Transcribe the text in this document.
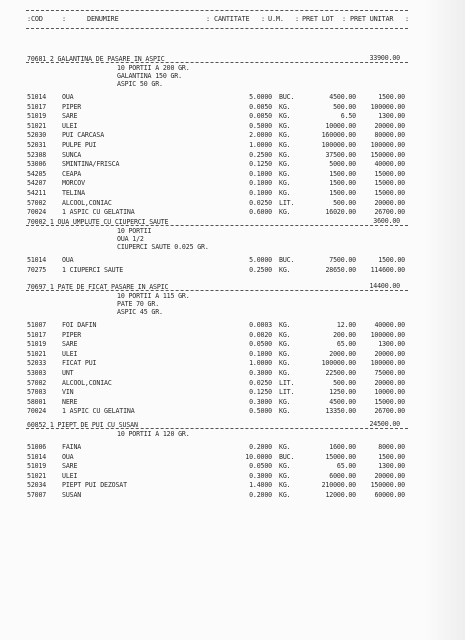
:COD	:	DENUMIRE	: CANTITATE : U.M. : PRET LOT : PRET UNITAR :
70681 2 GALANTINA DE PASARE IN ASPIC	33900.00
10 PORTII A 200 GR.
GALANTINA 150 GR.
ASPIC 50 GR.
51014 OUA	5.0000 BUC.	4500.00	1500.00
51017 PIPER	0.0050 KG.	500.00	100000.00
51019 SARE	0.0050 KG.	6.50	1300.00
51021 ULEI	0.5000 KG.	10000.00	20000.00
52030 PUI CARCASA	2.0000 KG.	160000.00	80000.00
52031 PULPE PUI	1.0000 KG.	100000.00	100000.00
52308 SUNCA	0.2500 KG.	37500.00	150000.00
53006 SMINTINA/FRISCA	0.1250 KG.	5000.00	40000.00
54205 CEAPA	0.1000 KG.	1500.00	15000.00
54207 MORCOV	0.1000 KG.	1500.00	15000.00
54211 TELINA	0.1000 KG.	1500.00	15000.00
57002 ALCOOL,CONIAC	0.0250 LIT.	500.00	20000.00
70024 1 ASPIC CU GELATINA	0.6000 KG.	16020.00	26700.00
70002 1 OUA UMPLUTE CU CIUPERCI SAUTE	3600.00
10 PORTII
OUA 1/2
CIUPERCI SAUTE 0.025 GR.
51014 OUA	5.0000 BUC.	7500.00	1500.00
70275 1 CIUPERCI SAUTE	0.2500 KG.	28650.00	114600.00
70697 1 PATE DE FICAT PASARE IN ASPIC	14400.00
10 PORTII A 115 GR.
PATE 70 GR.
ASPIC 45 GR.
51007 FOI DAFIN	0.0003 KG.	12.00	40000.00
51017 PIPER	0.0020 KG.	200.00	100000.00
51019 SARE	0.0500 KG.	65.00	1300.00
51021 ULEI	0.1000 KG.	2000.00	20000.00
52033 FICAT PUI	1.0000 KG.	100000.00	100000.00
53003 UNT	0.3000 KG.	22500.00	75000.00
57002 ALCOOL,CONIAC	0.0250 LIT.	500.00	20000.00
57003 VIN	0.1250 LIT.	1250.00	10000.00
58001 NERE	0.3000 KG.	4500.00	15000.00
70024 1 ASPIC CU GELATINA	0.5000 KG.	13350.00	26700.00
60852 1 PIEPT DE PUI CU SUSAN	24500.00
10 PORTII A 120 GR.
51006 FAINA	0.2000 KG.	1600.00	8000.00
51014 OUA	10.0000 BUC.	15000.00	1500.00
51019 SARE	0.0500 KG.	65.00	1300.00
51021 ULEI	0.3000 KG.	6000.00	20000.00
52034 PIEPT PUI DEZOSAT	1.4000 KG.	210000.00	150000.00
57007 SUSAN	0.2000 KG.	12000.00	60000.00
